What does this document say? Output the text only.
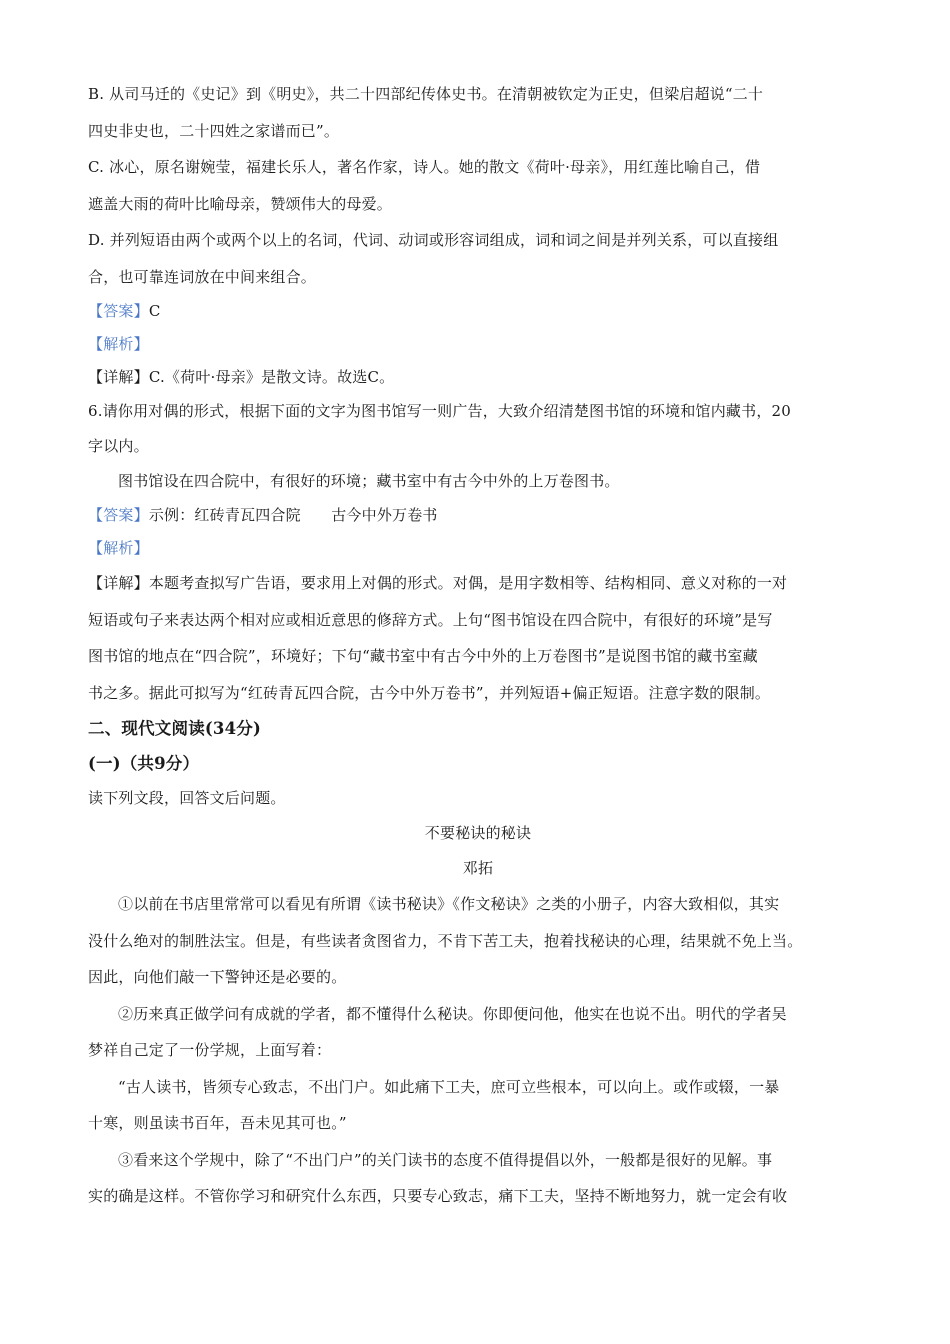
B. 从司马迁的《史记》到《明史》，共二十四部纪传体史书。在清朝被钦定为正史，但梁启超说“二十
四史非史也，二十四姓之家谱而已”。
C. 冰心，原名谢婉莹，福建长乐人，著名作家，诗人。她的散文《荷叶·母亲》，用红莲比喻自己，借
遮盖大雨的荷叶比喻母亲，赞颂伟大的母爱。
D. 并列短语由两个或两个以上的名词，代词、动词或形容词组成，词和词之间是并列关系，可以直接组
合，也可靠连词放在中间来组合。
【答案】C
【解析】
【详解】C.《荷叶·母亲》是散文诗。故选C。
6.请你用对偶的形式，根据下面的文字为图书馆写一则广告，大致介绍清楚图书馆的环境和馆内藏书，20
字以内。
图书馆设在四合院中，有很好的环境；藏书室中有古今中外的上万卷图书。
【答案】示例：红砖青瓦四合院　　古今中外万卷书
【解析】
【详解】本题考查拟写广告语，要求用上对偶的形式。对偶，是用字数相等、结构相同、意义对称的一对
短语或句子来表达两个相对应或相近意思的修辞方式。上句“图书馆设在四合院中，有很好的环境”是写
图书馆的地点在“四合院”，环境好；下句“藏书室中有古今中外的上万卷图书”是说图书馆的藏书室藏
书之多。据此可拟写为“红砖青瓦四合院，古今中外万卷书”，并列短语+偏正短语。注意字数的限制。
二、现代文阅读(34分)
(一)（共9分）
读下列文段，回答文后问题。
不要秘诀的秘诀
邓拓
①以前在书店里常常可以看见有所谓《读书秘诀》《作文秘诀》之类的小册子，内容大致相似，其实
没什么绝对的制胜法宝。但是，有些读者贪图省力，不肯下苦工夫，抱着找秘诀的心理，结果就不免上当。
因此，向他们敲一下警钟还是必要的。
②历来真正做学问有成就的学者，都不懂得什么秘诀。你即便问他，他实在也说不出。明代的学者吴
梦祥自己定了一份学规，上面写着：
“古人读书，皆须专心致志，不出门户。如此痛下工夫，庶可立些根本，可以向上。或作或辍，一暴
十寒，则虽读书百年，吾未见其可也。”
③看来这个学规中，除了“不出门户”的关门读书的态度不值得提倡以外，一般都是很好的见解。事
实的确是这样。不管你学习和研究什么东西，只要专心致志，痛下工夫，坚持不断地努力，就一定会有收
